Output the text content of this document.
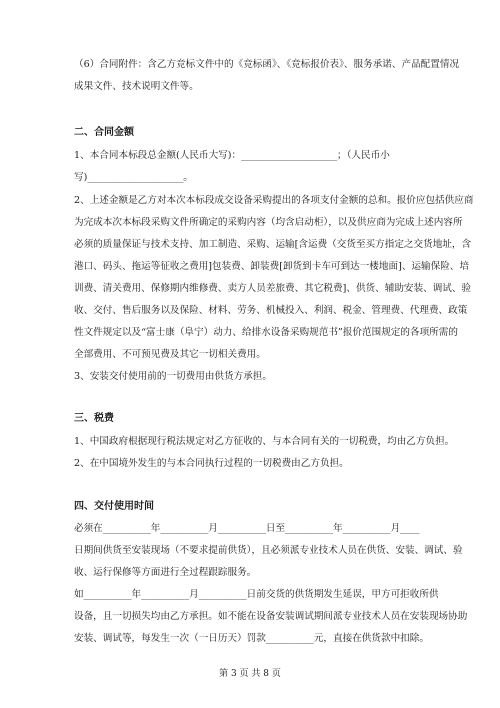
（6）合同附件：含乙方竞标文件中的《竞标函》、《竞标报价表》、服务承诺、产品配置情况
成果文件、技术说明文件等。
二、合同金额
1、本合同本标段总金额(人民币大写)：____________________；（人民币小
写)____________________。
2、上述金额是乙方对本次本标段成交设备采购提出的各项支付金额的总和。报价应包括供应商
为完成本次本标段采购文件所确定的采购内容（均含启动柜），以及供应商为完成上述内容所
必须的质量保证与技术支持、加工制造、采购、运输[含运费（交货至买方指定之交货地址，含
港口、码头、拖运等征收之费用]包装费、卸装费[卸货到卡车可到达一楼地面]、运输保险、培
训费、清关费用、保修期内维修费、卖方人员差旅费、其它税费]、供货、辅助安装、调试、验
收、交付、售后服务以及保险、材料、劳务、机械投入、利润、税金、管理费、代理费、政策
性文件规定以及“富士康（阜宁）动力、给排水设备采购规范书”报价范围规定的各项所需的
全部费用、不可预见费及其它一切相关费用。
3、安装交付使用前的一切费用由供货方承担。
三、税费
1、中国政府根据现行税法规定对乙方征收的、与本合同有关的一切税费，均由乙方负担。
2、在中国境外发生的与本合同执行过程的一切税费由乙方负担。
四、交付使用时间
必须在__________年__________月__________日至__________年__________月____
日期间供货至安装现场（不要求提前供货），且必须派专业技术人员在供货、安装、调试、验
收、运行保修等方面进行全过程跟踪服务。
如__________年__________月__________日前交货的供货期发生延误，甲方可拒收所供
设备，且一切损失均由乙方承担。如不能在设备安装调试期间派专业技术人员在安装现场协助
安装、调试等，每发生一次（一日历天）罚款__________元，直接在供货款中扣除。
第 3 页 共 8 页
